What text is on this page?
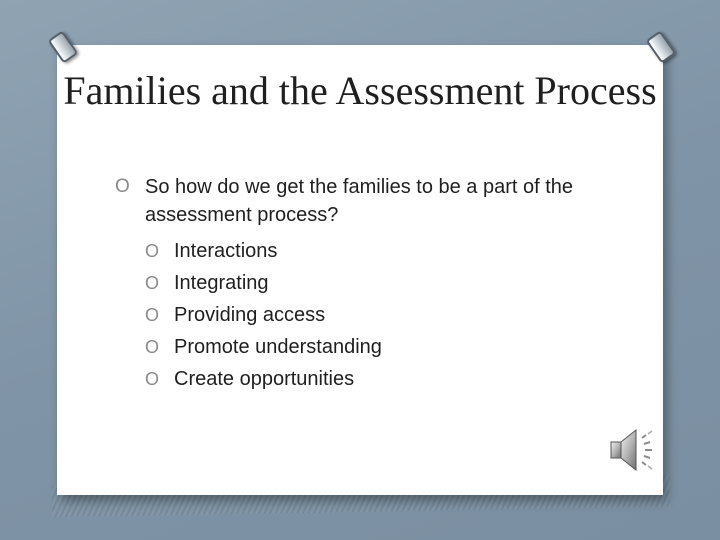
Families and the Assessment Process
O So how do we get the families to be a part of the assessment process?
O Interactions
O Integrating
O Providing access
O Promote understanding
O Create opportunities
